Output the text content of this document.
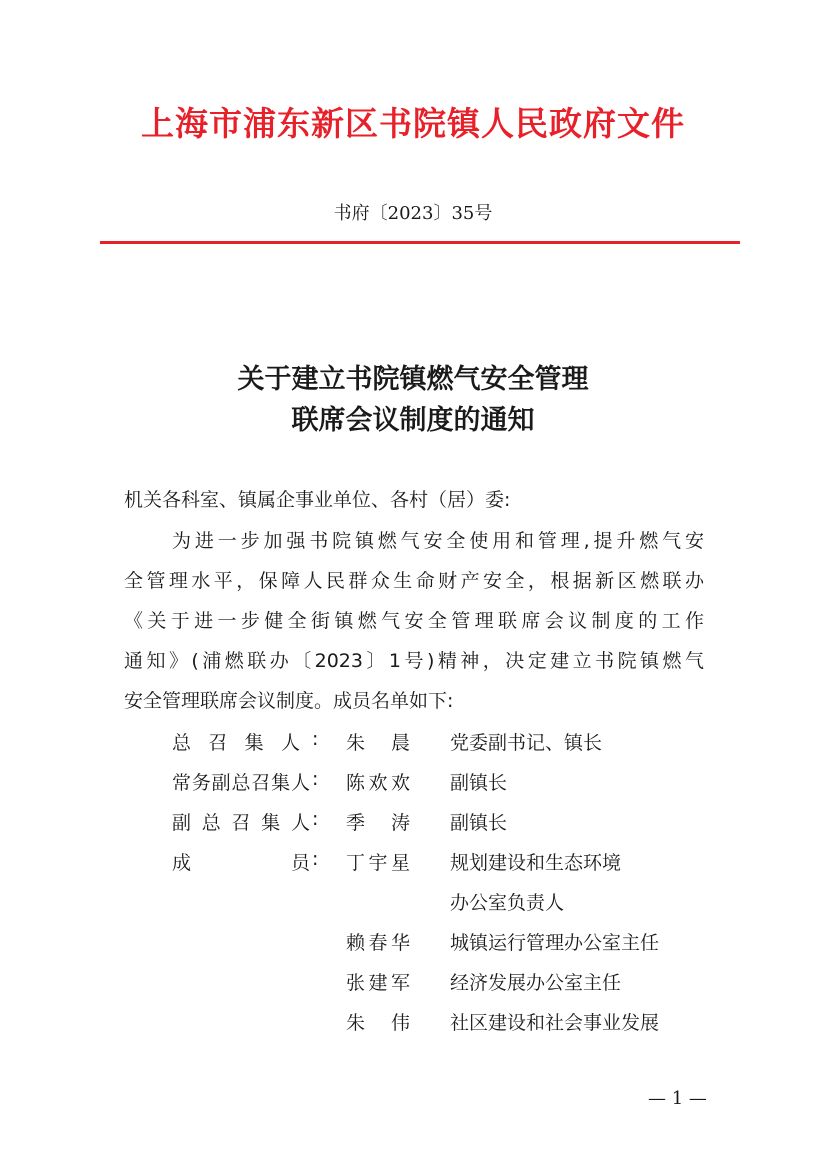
上海市浦东新区书院镇人民政府文件
书府〔2023〕35号
关于建立书院镇燃气安全管理
联席会议制度的通知
机关各科室、镇属企事业单位、各村（居）委:
为进一步加强书院镇燃气安全使用和管理,提升燃气安
全管理水平，保障人民群众生命财产安全，根据新区燃联办
《关于进一步健全街镇燃气安全管理联席会议制度的工作
通知》(浦燃联办〔2023〕1号)精神，决定建立书院镇燃气
安全管理联席会议制度。成员名单如下:
总召集人 : 朱晨 党委副书记、镇长
常务副总召集人 : 陈欢欢 副镇长
副总召集人 : 季涛 副镇长
成员 : 丁宇星 规划建设和生态环境
办公室负责人
赖春华 城镇运行管理办公室主任
张建军 经济发展办公室主任
朱伟 社区建设和社会事业发展
— 1 —
